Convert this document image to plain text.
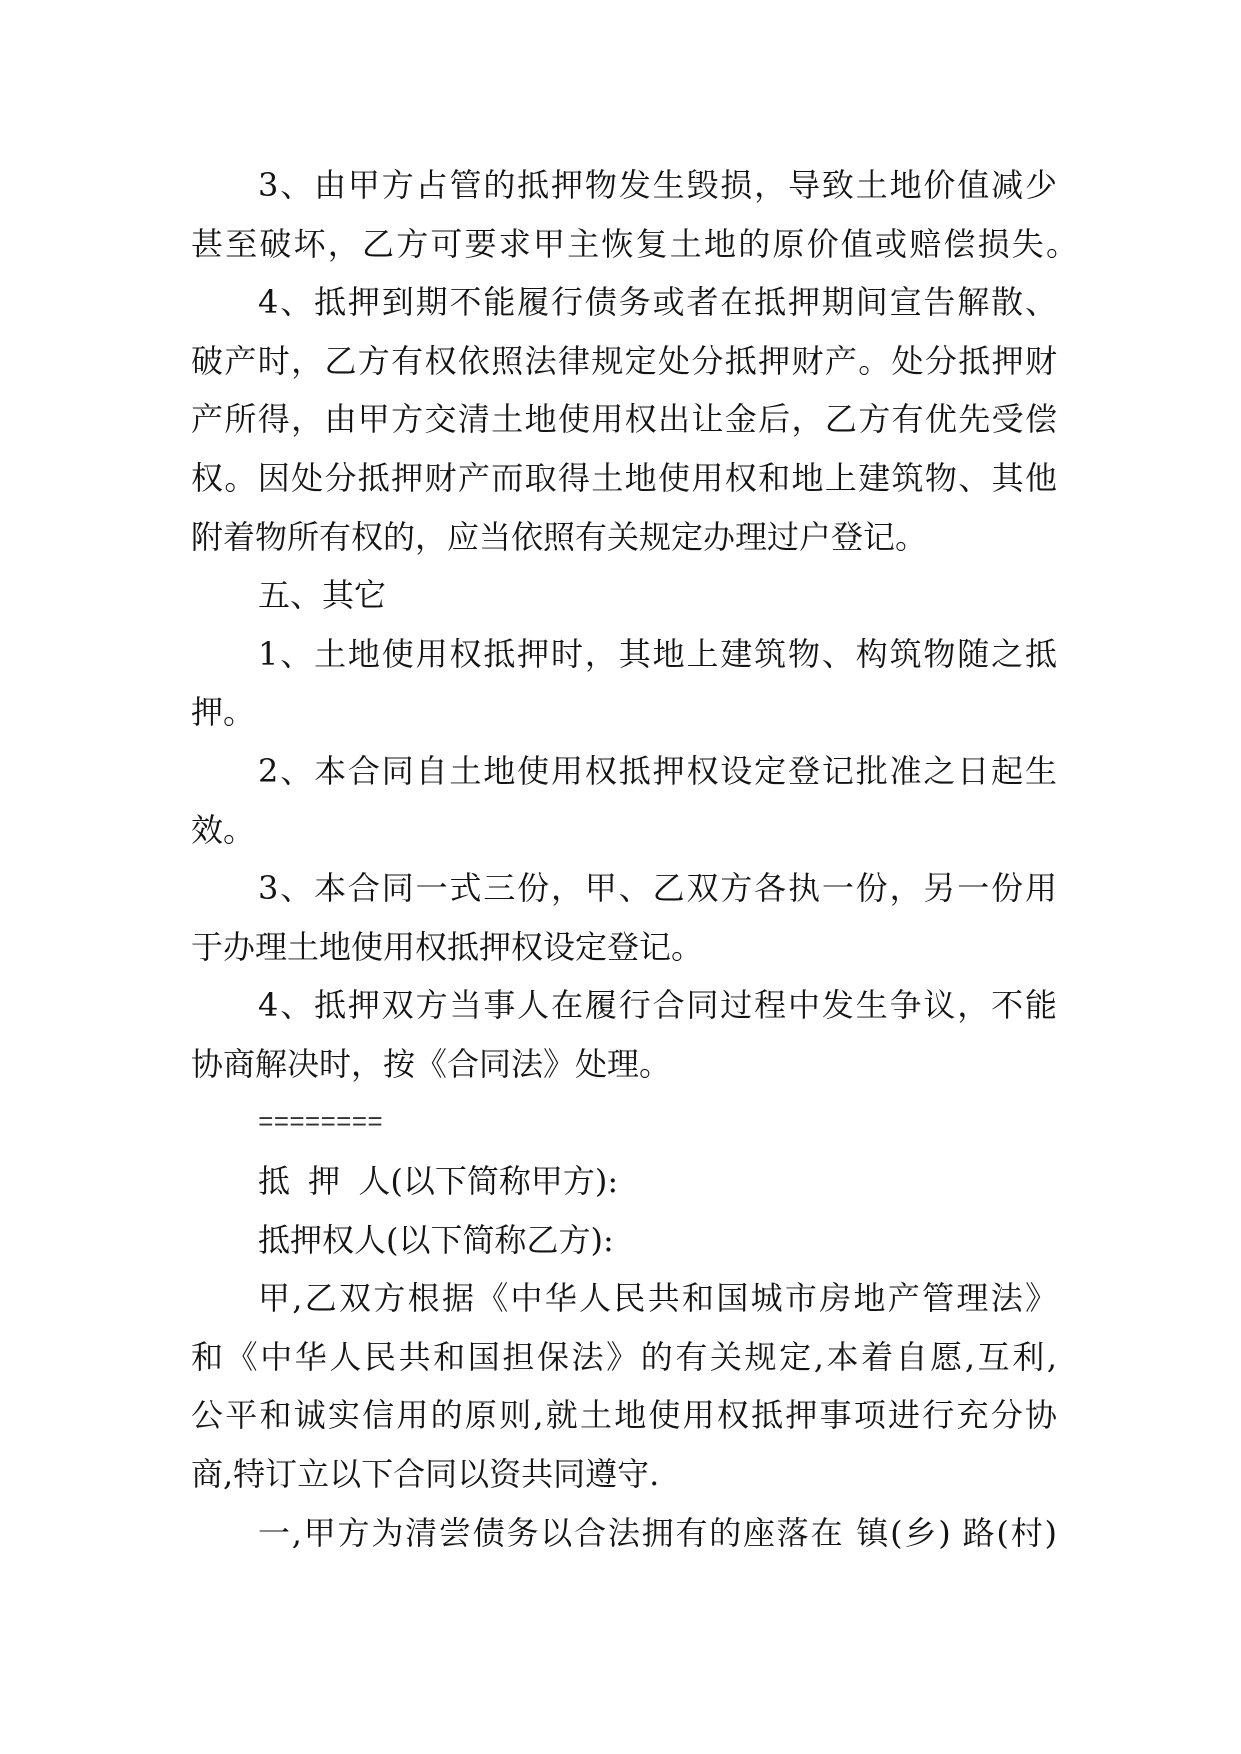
3、由甲方占管的抵押物发生毁损，导致土地价值减少
甚至破坏，乙方可要求甲主恢复土地的原价值或赔偿损失。
4、抵押到期不能履行债务或者在抵押期间宣告解散、
破产时，乙方有权依照法律规定处分抵押财产。处分抵押财
产所得，由甲方交清土地使用权出让金后，乙方有优先受偿
权。因处分抵押财产而取得土地使用权和地上建筑物、其他
附着物所有权的，应当依照有关规定办理过户登记。
五、其它
1、土地使用权抵押时，其地上建筑物、构筑物随之抵
押。
2、本合同自土地使用权抵押权设定登记批准之日起生
效。
3、本合同一式三份，甲、乙双方各执一份，另一份用
于办理土地使用权抵押权设定登记。
4、抵押双方当事人在履行合同过程中发生争议，不能
协商解决时，按《合同法》处理。
========
抵 押 人(以下简称甲方):
抵押权人(以下简称乙方):
甲,乙双方根据《中华人民共和国城市房地产管理法》
和《中华人民共和国担保法》的有关规定,本着自愿,互利,
公平和诚实信用的原则,就土地使用权抵押事项进行充分协
商,特订立以下合同以资共同遵守.
一,甲方为清尝债务以合法拥有的座落在 镇(乡) 路(村)
